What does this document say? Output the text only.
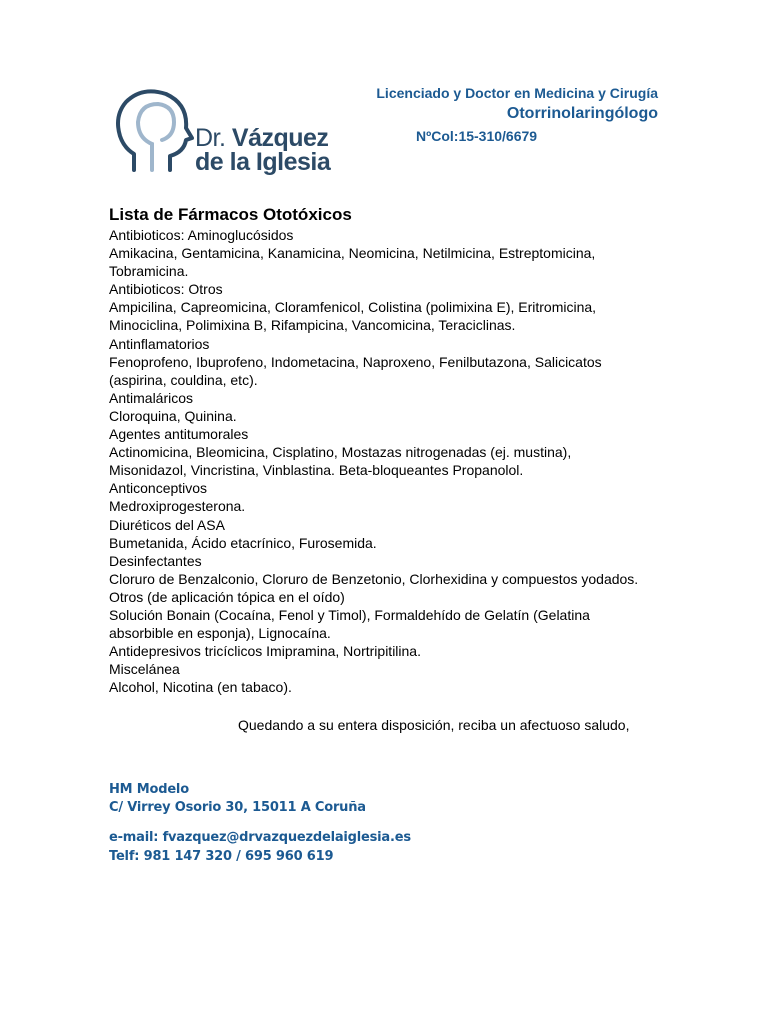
Dr. Vázquez
de la Iglesia
Licenciado y Doctor en Medicina y Cirugía
Otorrinolaringólogo
NºCol:15-310/6679
Lista de Fármacos Ototóxicos
Antibioticos: Aminoglucósidos
Amikacina, Gentamicina, Kanamicina, Neomicina, Netilmicina, Estreptomicina,
Tobramicina.
Antibioticos: Otros
Ampicilina, Capreomicina, Cloramfenicol, Colistina (polimixina E), Eritromicina,
Minociclina, Polimixina B, Rifampicina, Vancomicina, Teraciclinas.
Antinflamatorios
Fenoprofeno, Ibuprofeno, Indometacina, Naproxeno, Fenilbutazona, Salicicatos
(aspirina, couldina, etc).
Antimaláricos
Cloroquina, Quinina.
Agentes antitumorales
Actinomicina, Bleomicina, Cisplatino, Mostazas nitrogenadas (ej. mustina),
Misonidazol, Vincristina, Vinblastina. Beta-bloqueantes Propanolol.
Anticonceptivos
Medroxiprogesterona.
Diuréticos del ASA
Bumetanida, Ácido etacrínico, Furosemida.
Desinfectantes
Cloruro de Benzalconio, Cloruro de Benzetonio, Clorhexidina y compuestos yodados.
Otros (de aplicación tópica en el oído)
Solución Bonain (Cocaína, Fenol y Timol), Formaldehído de Gelatín (Gelatina
absorbible en esponja), Lignocaína.
Antidepresivos tricíclicos Imipramina, Nortripitilina.
Miscelánea
Alcohol, Nicotina (en tabaco).
Quedando a su entera disposición, reciba un afectuoso saludo,
HM Modelo
C/ Virrey Osorio 30, 15011 A Coruña
e-mail: fvazquez@drvazquezdelaiglesia.es
Telf: 981 147 320 / 695 960 619
